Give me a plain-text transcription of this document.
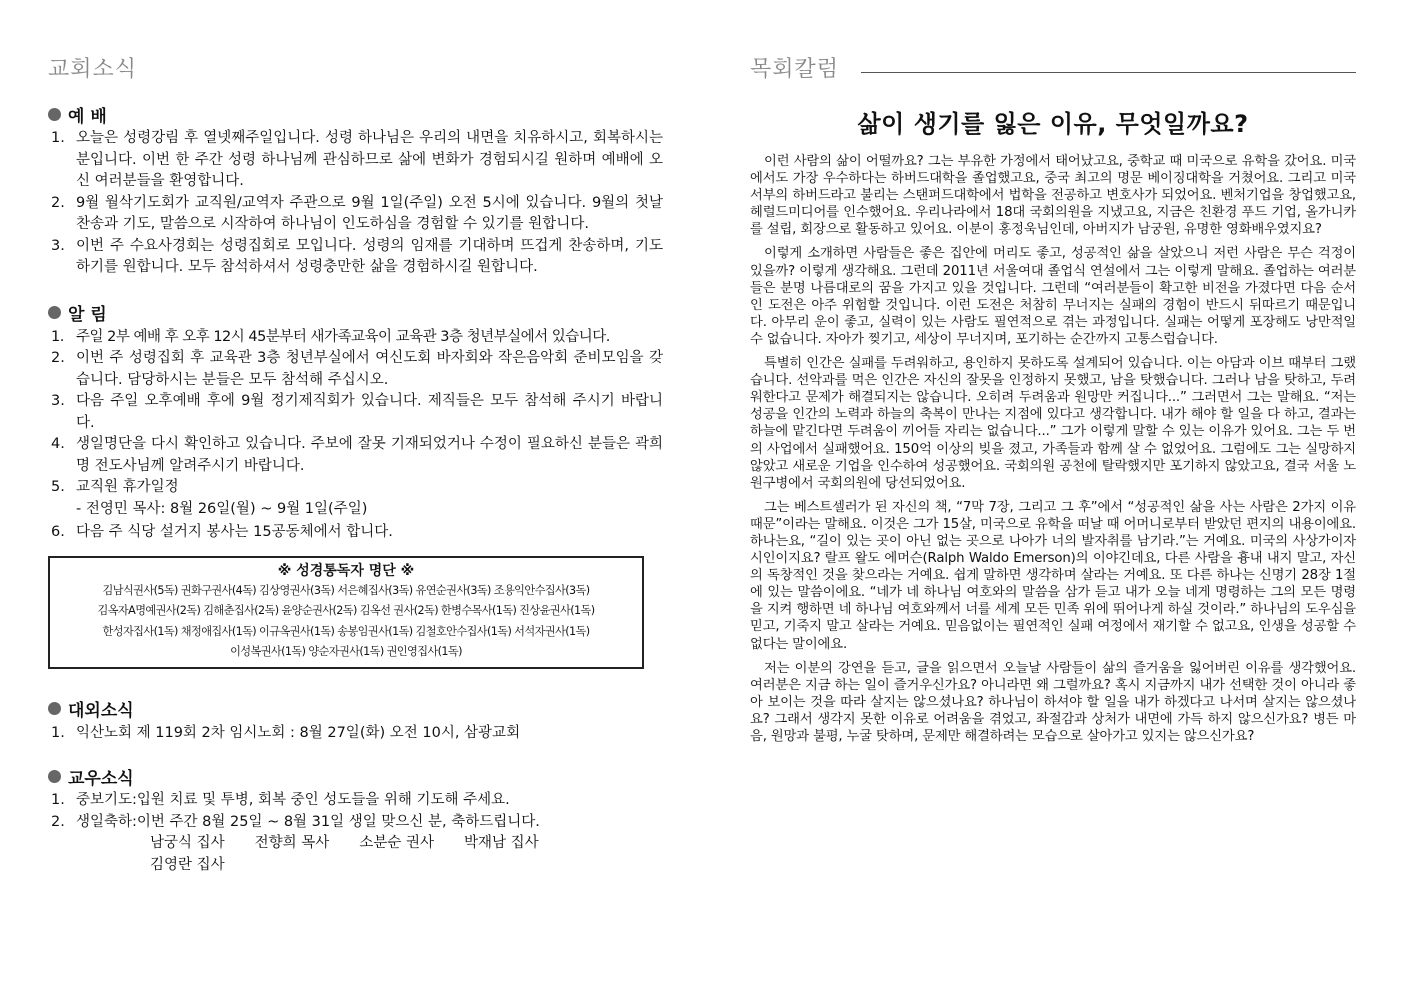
교회소식
예 배
1. 오늘은 성령강림 후 열넷째주일입니다. 성령 하나님은 우리의 내면을 치유하시고, 회복하시는 분입니다. 이번 한 주간 성령 하나님께 관심하므로 삶에 변화가 경험되시길 원하며 예배에 오신 여러분들을 환영합니다.
2. 9월 월삭기도회가 교직원/교역자 주관으로 9월 1일(주일) 오전 5시에 있습니다. 9월의 첫날 찬송과 기도, 말씀으로 시작하여 하나님이 인도하심을 경험할 수 있기를 원합니다.
3. 이번 주 수요사경회는 성령집회로 모입니다. 성령의 임재를 기대하며 뜨겁게 찬송하며, 기도하기를 원합니다. 모두 참석하셔서 성령충만한 삶을 경험하시길 원합니다.
알 림
1. 주일 2부 예배 후 오후 12시 45분부터 새가족교육이 교육관 3층 청년부실에서 있습니다.
2. 이번 주 성령집회 후 교육관 3층 청년부실에서 여신도회 바자회와 작은음악회 준비모임을 갖습니다. 담당하시는 분들은 모두 참석해 주십시오.
3. 다음 주일 오후예배 후에 9월 정기제직회가 있습니다. 제직들은 모두 참석해 주시기 바랍니다.
4. 생일명단을 다시 확인하고 있습니다. 주보에 잘못 기재되었거나 수정이 필요하신 분들은 곽희명 전도사님께 알려주시기 바랍니다.
5. 교직원 휴가일정
- 전영민 목사: 8월 26일(월) ~ 9월 1일(주일)
6. 다음 주 식당 설거지 봉사는 15공동체에서 합니다.
※ 성경통독자 명단 ※
김남식권사(5독) 권화구권사(4독) 김상영권사(3독) 서은혜집사(3독) 유연순권사(3독) 조용익안수집사(3독)
김옥자A명예권사(2독) 김해춘집사(2독) 윤양순권사(2독) 김옥선 권사(2독) 한병수목사(1독) 진상윤권사(1독)
한성자집사(1독) 채정애집사(1독) 이규옥권사(1독) 송봉임권사(1독) 김철호안수집사(1독) 서석자권사(1독)
이성복권사(1독) 양순자권사(1독) 권인영집사(1독)
대외소식
1. 익산노회 제 119회 2차 임시노회 : 8월 27일(화) 오전 10시, 삼광교회
교우소식
1. 중보기도: 입원 치료 및 투병, 회복 중인 성도들을 위해 기도해 주세요.
2. 생일축하: 이번 주간 8월 25일 ~ 8월 31일 생일 맞으신 분, 축하드립니다.
남궁식 집사 전향희 목사 소분순 권사 박재남 집사
김영란 집사
목회칼럼
삶이 생기를 잃은 이유, 무엇일까요?

이런 사람의 삶이 어떨까요? 그는 부유한 가정에서 태어났고요, 중학교 때 미국으로 유학을 갔어요. 미국에서도 가장 우수하다는 하버드대학을 졸업했고요, 중국 최고의 명문 베이징대학을 거쳤어요. 그리고 미국 서부의 하버드라고 불리는 스탠퍼드대학에서 법학을 전공하고 변호사가 되었어요. 벤처기업을 창업했고요, 헤럴드미디어를 인수했어요. 우리나라에서 18대 국회의원을 지냈고요, 지금은 친환경 푸드 기업, 올가니카를 설립, 회장으로 활동하고 있어요. 이분이 홍정욱님인데, 아버지가 남궁원, 유명한 영화배우였지요?

이렇게 소개하면 사람들은 좋은 집안에 머리도 좋고, 성공적인 삶을 살았으니 저런 사람은 무슨 걱정이 있을까? 이렇게 생각해요. 그런데 2011년 서울여대 졸업식 연설에서 그는 이렇게 말해요. 졸업하는 여러분들은 분명 나름대로의 꿈을 가지고 있을 것입니다. 그런데 “여러분들이 확고한 비전을 가졌다면 다음 순서인 도전은 아주 위험할 것입니다. 이런 도전은 처참히 무너지는 실패의 경험이 반드시 뒤따르기 때문입니다. 아무리 운이 좋고, 실력이 있는 사람도 필연적으로 겪는 과정입니다. 실패는 어떻게 포장해도 낭만적일 수 없습니다. 자아가 찢기고, 세상이 무너지며, 포기하는 순간까지 고통스럽습니다.

특별히 인간은 실패를 두려워하고, 용인하지 못하도록 설계되어 있습니다. 이는 아담과 이브 때부터 그랬습니다. 선악과를 먹은 인간은 자신의 잘못을 인정하지 못했고, 남을 탓했습니다. 그러나 남을 탓하고, 두려워한다고 문제가 해결되지는 않습니다. 오히려 두려움과 원망만 커집니다...” 그러면서 그는 말해요. “저는 성공을 인간의 노력과 하늘의 축복이 만나는 지점에 있다고 생각합니다. 내가 해야 할 일을 다 하고, 결과는 하늘에 맡긴다면 두려움이 끼어들 자리는 없습니다...” 그가 이렇게 말할 수 있는 이유가 있어요. 그는 두 번의 사업에서 실패했어요. 150억 이상의 빚을 졌고, 가족들과 함께 살 수 없었어요. 그럼에도 그는 실망하지 않았고 새로운 기업을 인수하여 성공했어요. 국회의원 공천에 탈락했지만 포기하지 않았고요, 결국 서울 노원구병에서 국회의원에 당선되었어요.

그는 베스트셀러가 된 자신의 책, “7막 7장, 그리고 그 후”에서 “성공적인 삶을 사는 사람은 2가지 이유 때문”이라는 말해요. 이것은 그가 15살, 미국으로 유학을 떠날 때 어머니로부터 받았던 편지의 내용이에요. 하나는요, “길이 있는 곳이 아닌 없는 곳으로 나아가 너의 발자취를 남기라.”는 거예요. 미국의 사상가이자 시인이지요? 랄프 왈도 에머슨(Ralph Waldo Emerson)의 이야긴데요, 다른 사람을 흉내 내지 말고, 자신의 독창적인 것을 찾으라는 거예요. 쉽게 말하면 생각하며 살라는 거예요. 또 다른 하나는 신명기 28장 1절에 있는 말씀이에요. “네가 네 하나님 여호와의 말씀을 삼가 듣고 내가 오늘 네게 명령하는 그의 모든 명령을 지켜 행하면 네 하나님 여호와께서 너를 세계 모든 민족 위에 뛰어나게 하실 것이라.” 하나님의 도우심을 믿고, 기죽지 말고 살라는 거예요. 믿음없이는 필연적인 실패 여정에서 재기할 수 없고요, 인생을 성공할 수 없다는 말이에요.

저는 이분의 강연을 듣고, 글을 읽으면서 오늘날 사람들이 삶의 즐거움을 잃어버린 이유를 생각했어요. 여러분은 지금 하는 일이 즐거우신가요? 아니라면 왜 그럴까요? 혹시 지금까지 내가 선택한 것이 아니라 좋아 보이는 것을 따라 살지는 않으셨나요? 하나님이 하셔야 할 일을 내가 하겠다고 나서며 살지는 않으셨나요? 그래서 생각지 못한 이유로 어려움을 겪었고, 좌절감과 상처가 내면에 가득 하지 않으신가요? 병든 마음, 원망과 불평, 누굴 탓하며, 문제만 해결하려는 모습으로 살아가고 있지는 않으신가요?
